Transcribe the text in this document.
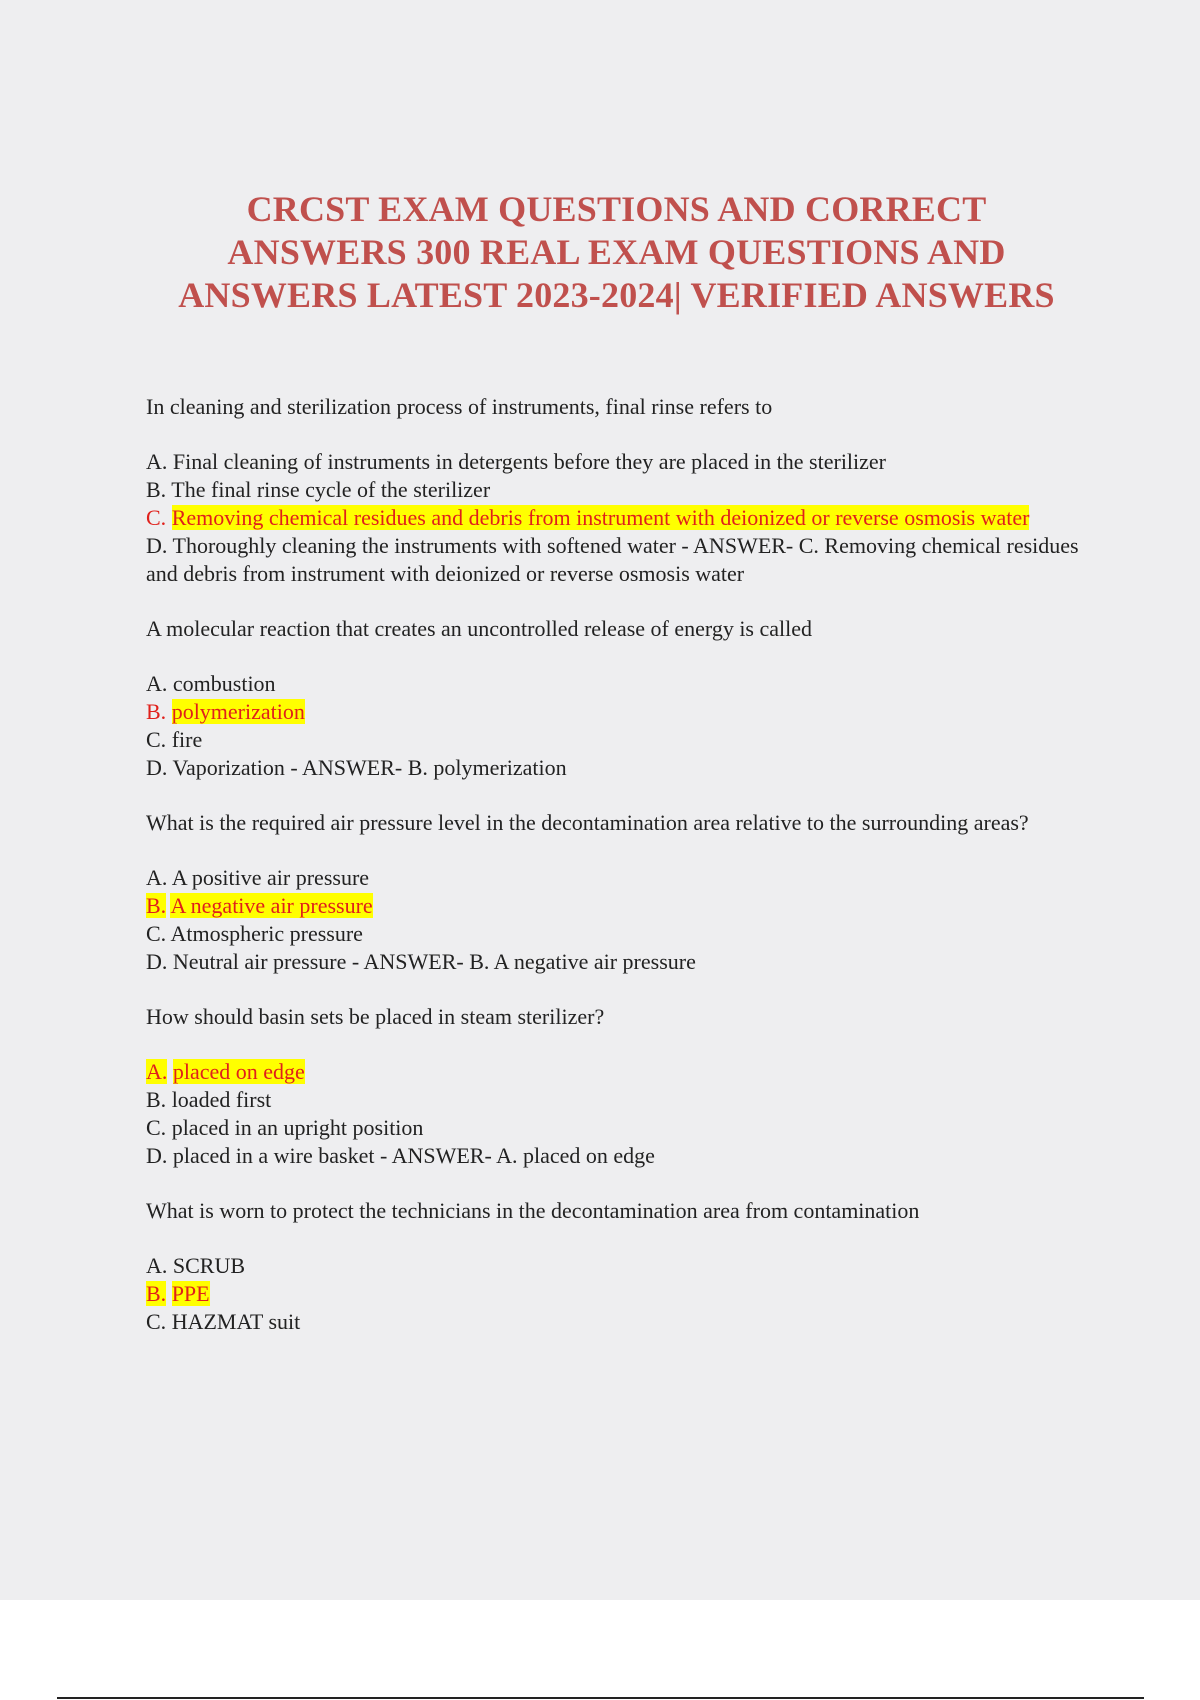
CRCST EXAM QUESTIONS AND CORRECT
ANSWERS 300 REAL EXAM QUESTIONS AND
ANSWERS LATEST 2023-2024| VERIFIED ANSWERS
In cleaning and sterilization process of instruments, final rinse refers to
A. Final cleaning of instruments in detergents before they are placed in the sterilizer
B. The final rinse cycle of the sterilizer
C. Removing chemical residues and debris from instrument with deionized or reverse osmosis water
D. Thoroughly cleaning the instruments with softened water - ANSWER- C. Removing chemical residues and debris from instrument with deionized or reverse osmosis water
A molecular reaction that creates an uncontrolled release of energy is called
A. combustion
B. polymerization
C. fire
D. Vaporization - ANSWER- B. polymerization
What is the required air pressure level in the decontamination area relative to the surrounding areas?
A. A positive air pressure
B. A negative air pressure
C. Atmospheric pressure
D. Neutral air pressure - ANSWER- B. A negative air pressure
How should basin sets be placed in steam sterilizer?
A. placed on edge
B. loaded first
C. placed in an upright position
D. placed in a wire basket - ANSWER- A. placed on edge
What is worn to protect the technicians in the decontamination area from contamination
A. SCRUB
B. PPE
C. HAZMAT suit
